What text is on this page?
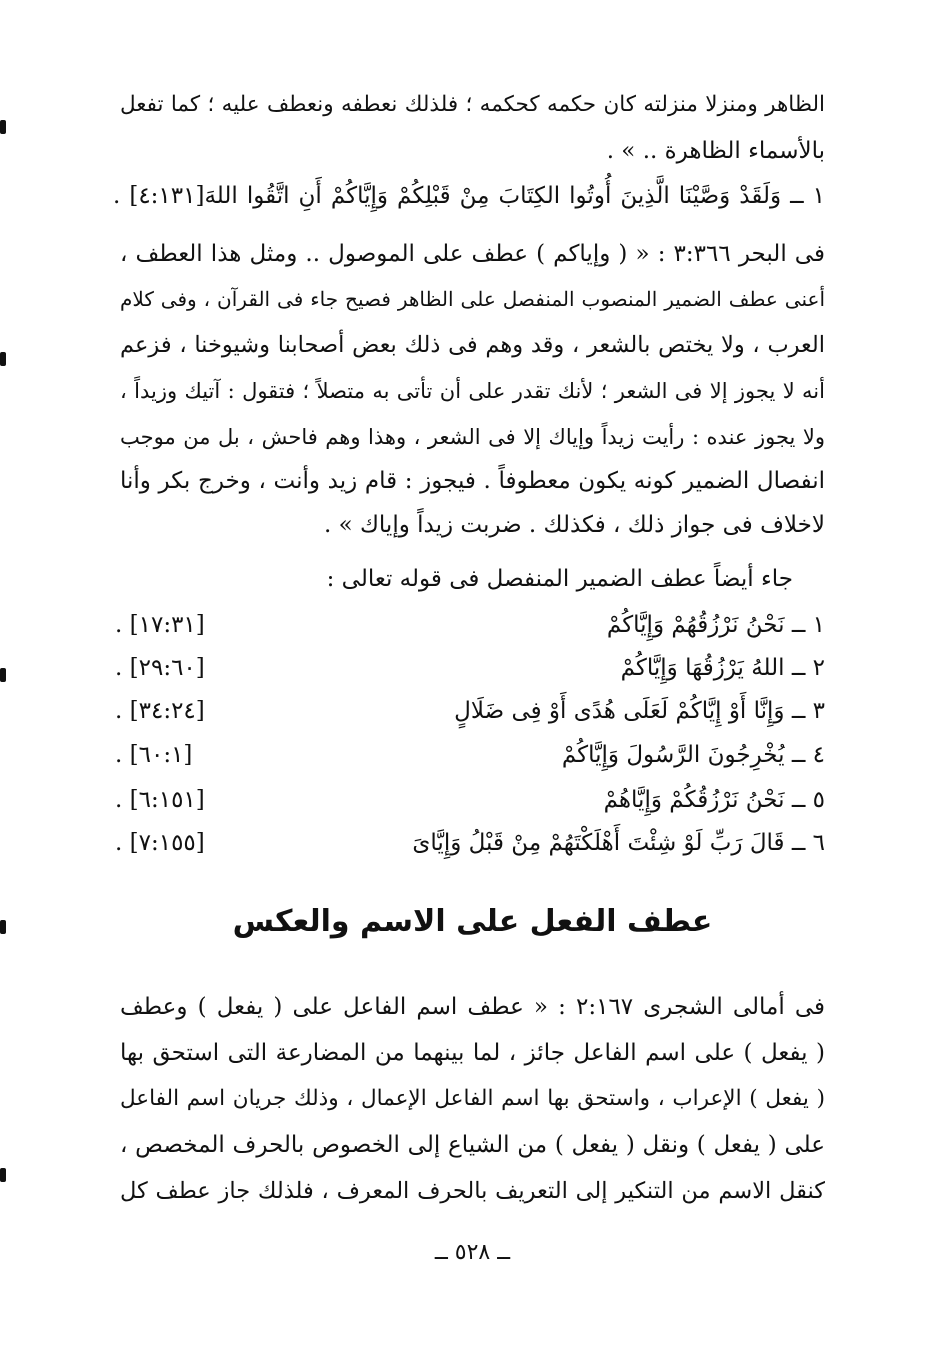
الظاهر ومنزلا منزلته كان حكمه كحكمه ؛ فلذلك نعطفه ونعطف عليه ؛ كما تفعل
بالأسماء الظاهرة .. » .
١ ــ وَلَقَدْ وَصَّيْنَا الَّذِينَ أُوتُوا الكِتَابَ مِنْ قَبْلِكُمْ وَإِيَّاكُمْ أَنِ اتَّقُوا اللهَ[٤:١٣١] .
فى البحر ٣:٣٦٦ : « ( وإياكم ) عطف على الموصول .. ومثل هذا العطف ،
أعنى عطف الضمير المنصوب المنفصل على الظاهر فصيح جاء فى القرآن ، وفى كلام
العرب ، ولا يختص بالشعر ، وقد وهم فى ذلك بعض أصحابنا وشيوخنا ، فزعم
أنه لا يجوز إلا فى الشعر ؛ لأنك تقدر على أن تأتى به متصلاً ؛ فتقول : آتيك وزيداً ،
ولا يجوز عنده : رأيت زيداً وإياك إلا فى الشعر ، وهذا وهم فاحش ، بل من موجب
انفصال الضمير كونه يكون معطوفاً . فيجوز : قام زيد وأنت ، وخرج بكر وأنا
لاخلاف فى جواز ذلك ، فكذلك . ضربت زيداً وإياك » .
جاء أيضاً عطف الضمير المنفصل فى قوله تعالى :
١ ــ نَحْنُ نَرْزُقُهُمْ وَإِيَّاكُمْ
[١٧:٣١] .
٢ ــ اللهُ يَرْزُقُهَا وَإِيَّاكُمْ
[٢٩:٦٠] .
٣ ــ وَإِنَّا أَوْ إِيَّاكُمْ لَعَلَى هُدًى أَوْ فِى ضَلَالٍ
[٣٤:٢٤] .
٤ ــ يُخْرِجُونَ الرَّسُولَ وَإِيَّاكُمْ
[٦٠:١] .
٥ ــ نَحْنُ نَرْزُقُكُمْ وَإِيَّاهُمْ
[٦:١٥١] .
٦ ــ قَالَ رَبِّ لَوْ شِئْتَ أَهْلَكْتَهُمْ مِنْ قَبْلُ وَإِيَّاىَ
[٧:١٥٥] .
عطف الفعل على الاسم والعكس
فى أمالى الشجرى ٢:١٦٧ : « عطف اسم الفاعل على ( يفعل ) وعطف
( يفعل ) على اسم الفاعل جائز ، لما بينهما من المضارعة التى استحق بها
( يفعل ) الإعراب ، واستحق بها اسم الفاعل الإعمال ، وذلك جريان اسم الفاعل
على ( يفعل ) ونقل ( يفعل ) من الشياع إلى الخصوص بالحرف المخصص ،
كنقل الاسم من التنكير إلى التعريف بالحرف المعرف ، فلذلك جاز عطف كل
ــ ٥٢٨ ــ
